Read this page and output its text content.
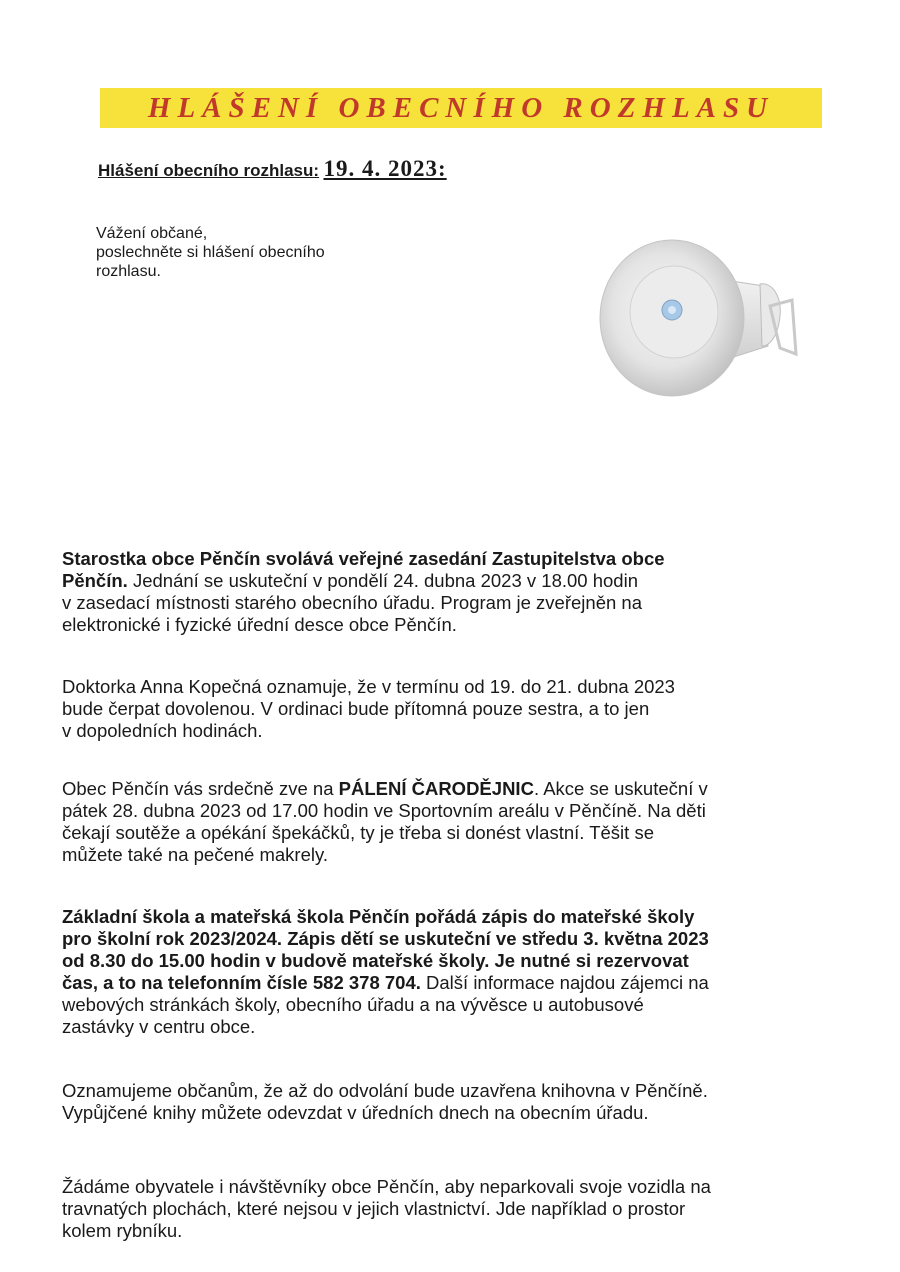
HLÁŠENÍ OBECNÍHO ROZHLASU
Hlášení obecního rozhlasu: 19. 4. 2023:
Vážení občané,
poslechněte si hlášení obecního
rozhlasu.
Starostka obce Pěnčín svolává veřejné zasedání Zastupitelstva obce
Pěnčín. Jednání se uskuteční v pondělí 24. dubna 2023 v 18.00 hodin
v zasedací místnosti starého obecního úřadu. Program je zveřejněn na
elektronické i fyzické úřední desce obce Pěnčín.
Doktorka Anna Kopečná oznamuje, že v termínu od 19. do 21. dubna 2023
bude čerpat dovolenou. V ordinaci bude přítomná pouze sestra, a to jen
v dopoledních hodinách.
Obec Pěnčín vás srdečně zve na PÁLENÍ ČARODĚJNIC. Akce se uskuteční v
pátek 28. dubna 2023 od 17.00 hodin ve Sportovním areálu v Pěnčíně. Na děti
čekají soutěže a opékání špekáčků, ty je třeba si donést vlastní. Těšit se
můžete také na pečené makrely.
Základní škola a mateřská škola Pěnčín pořádá zápis do mateřské školy
pro školní rok 2023/2024. Zápis dětí se uskuteční ve středu 3. května 2023
od 8.30 do 15.00 hodin v budově mateřské školy. Je nutné si rezervovat
čas, a to na telefonním čísle 582 378 704. Další informace najdou zájemci na
webových stránkách školy, obecního úřadu a na vývěsce u autobusové
zastávky v centru obce.
Oznamujeme občanům, že až do odvolání bude uzavřena knihovna v Pěnčíně.
Vypůjčené knihy můžete odevzdat v úředních dnech na obecním úřadu.
Žádáme obyvatele i návštěvníky obce Pěnčín, aby neparkovali svoje vozidla na
travnatých plochách, které nejsou v jejich vlastnictví. Jde například o prostor
kolem rybníku.
